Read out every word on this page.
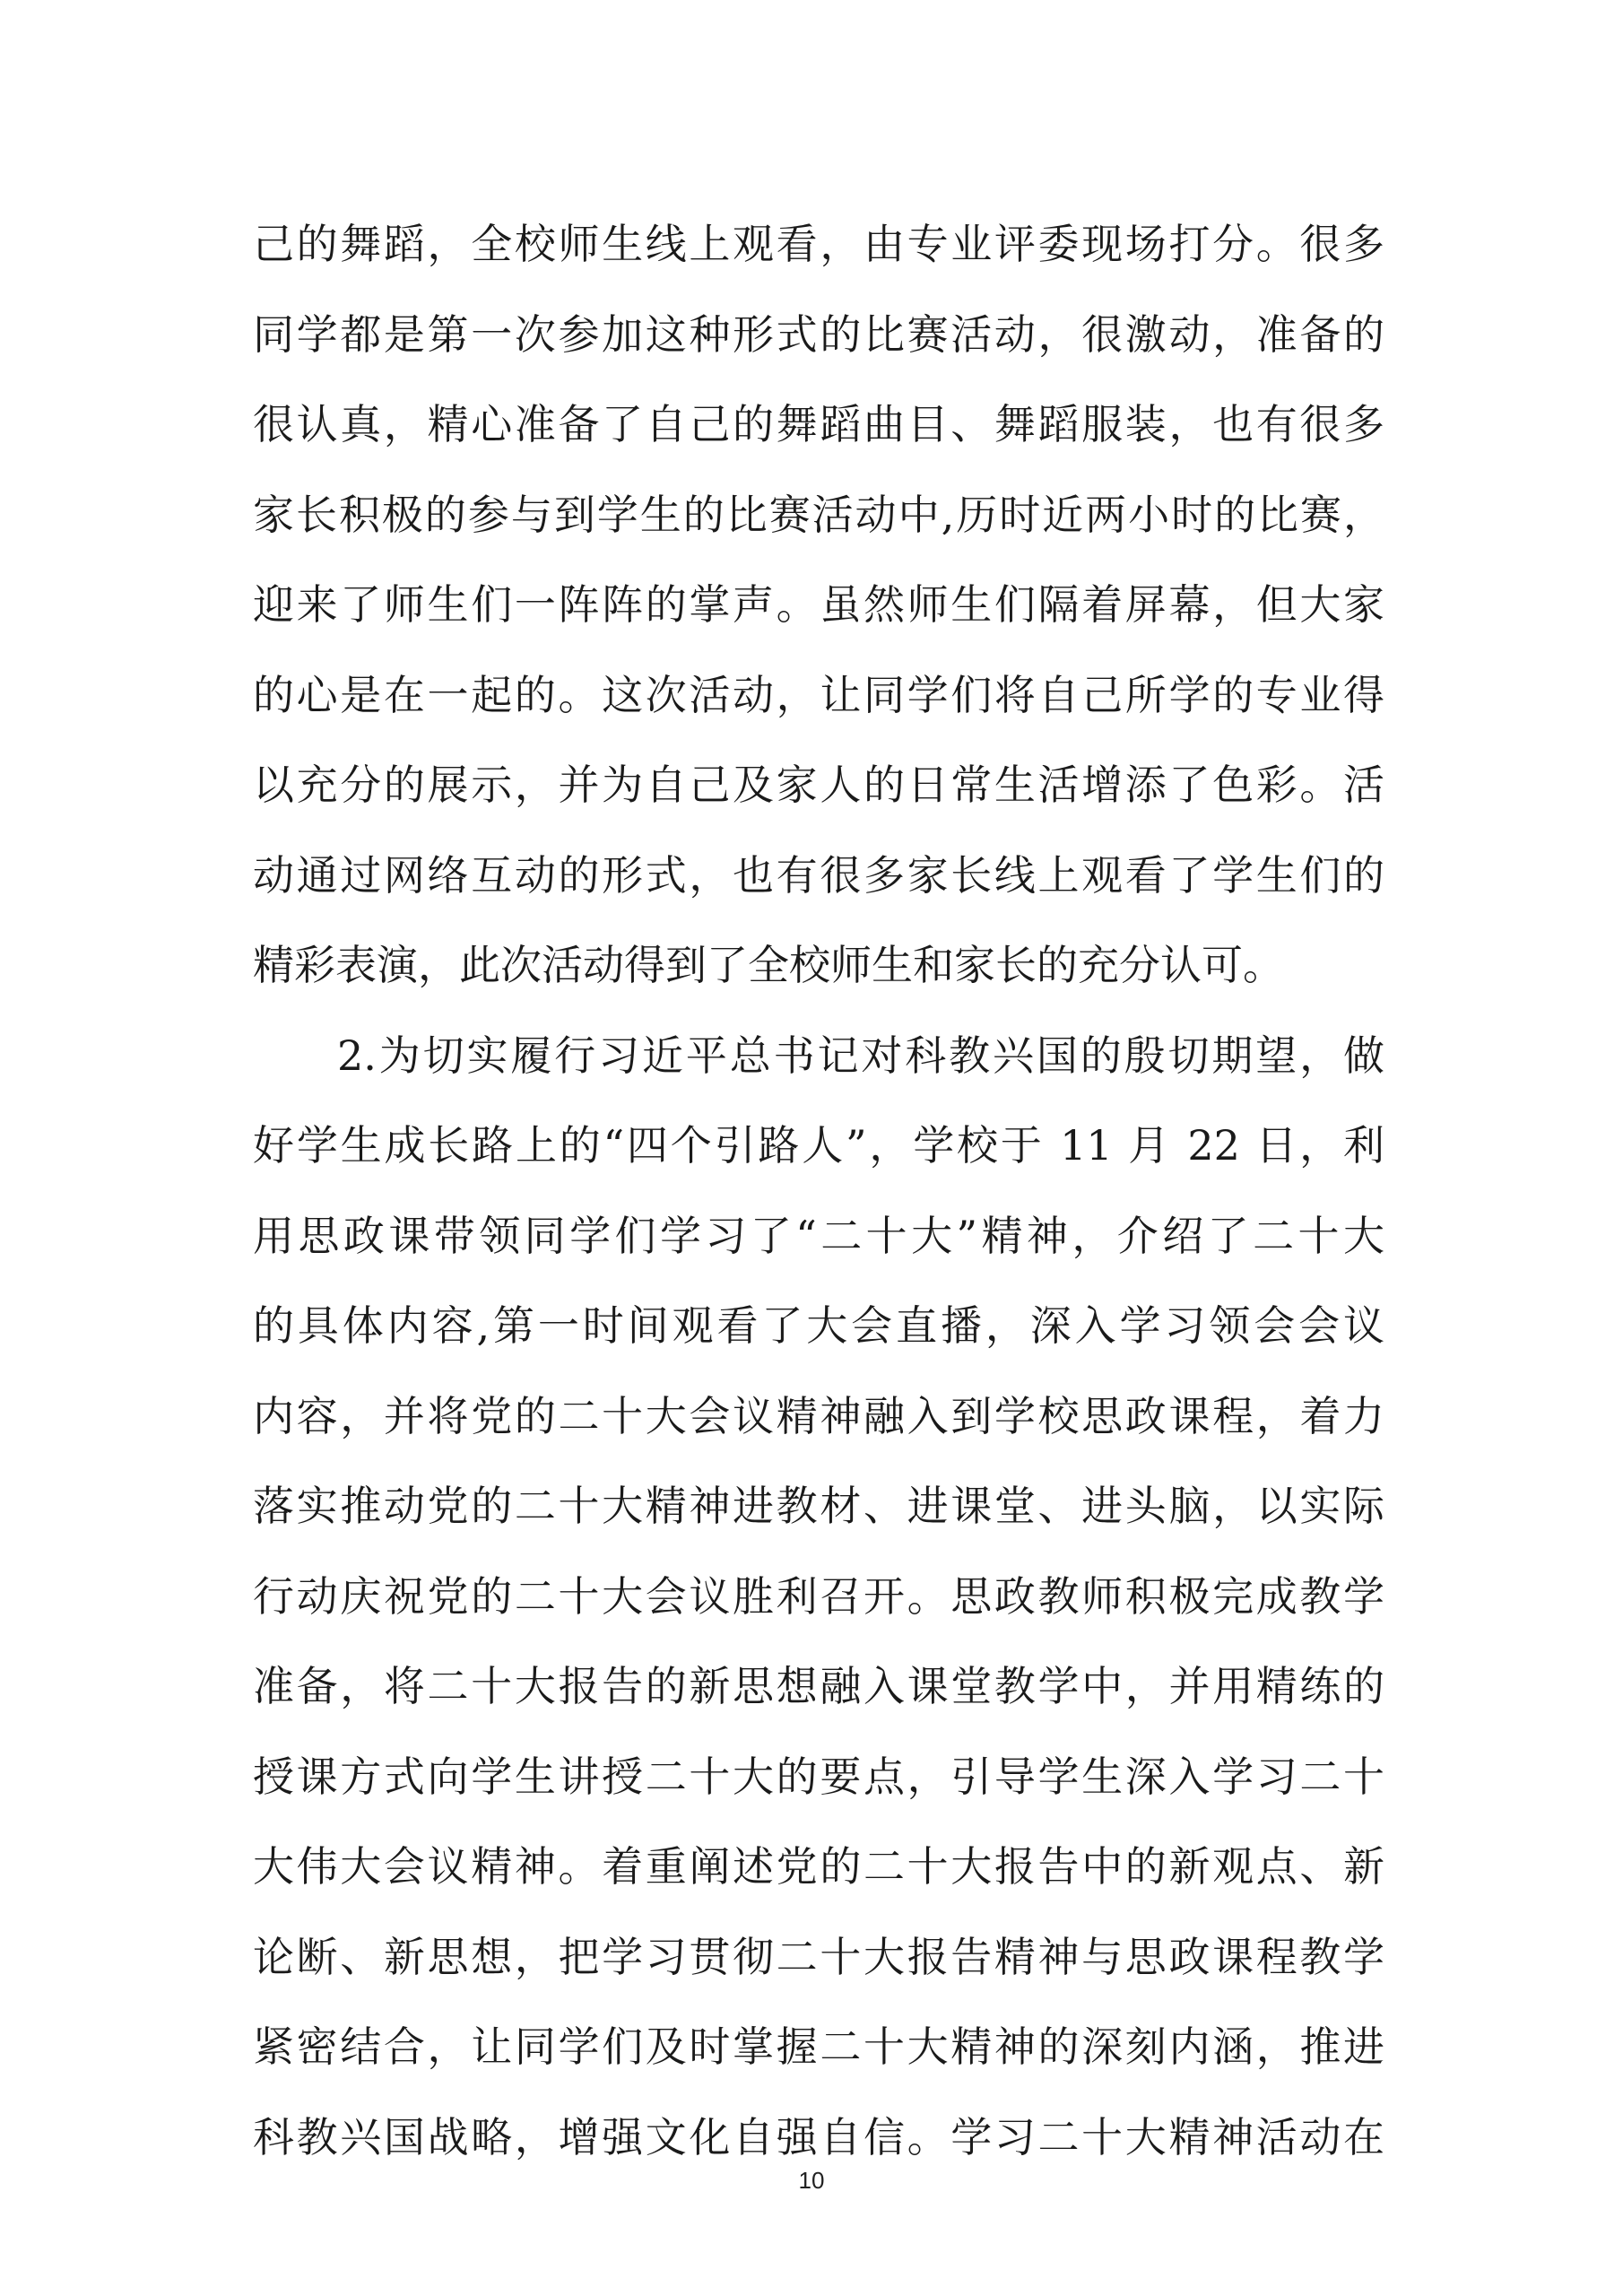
己的舞蹈，全校师生线上观看，由专业评委现场打分。很多
同学都是第一次参加这种形式的比赛活动，很激动，准备的
很认真，精心准备了自己的舞蹈曲目、舞蹈服装，也有很多
家长积极的参与到学生的比赛活动中,历时近两小时的比赛，
迎来了师生们一阵阵的掌声。虽然师生们隔着屏幕，但大家
的心是在一起的。这次活动，让同学们将自己所学的专业得
以充分的展示，并为自己及家人的日常生活增添了色彩。活
动通过网络互动的形式，也有很多家长线上观看了学生们的
精彩表演，此次活动得到了全校师生和家长的充分认可。
2.为切实履行习近平总书记对科教兴国的殷切期望，做
好学生成长路上的“四个引路人”，学校于 11 月 22 日，利
用思政课带领同学们学习了“二十大”精神，介绍了二十大
的具体内容,第一时间观看了大会直播，深入学习领会会议
内容，并将党的二十大会议精神融入到学校思政课程，着力
落实推动党的二十大精神进教材、进课堂、进头脑，以实际
行动庆祝党的二十大会议胜利召开。思政教师积极完成教学
准备，将二十大报告的新思想融入课堂教学中，并用精练的
授课方式向学生讲授二十大的要点，引导学生深入学习二十
大伟大会议精神。着重阐述党的二十大报告中的新观点、新
论断、新思想，把学习贯彻二十大报告精神与思政课程教学
紧密结合，让同学们及时掌握二十大精神的深刻内涵，推进
科教兴国战略，增强文化自强自信。学习二十大精神活动在
10
